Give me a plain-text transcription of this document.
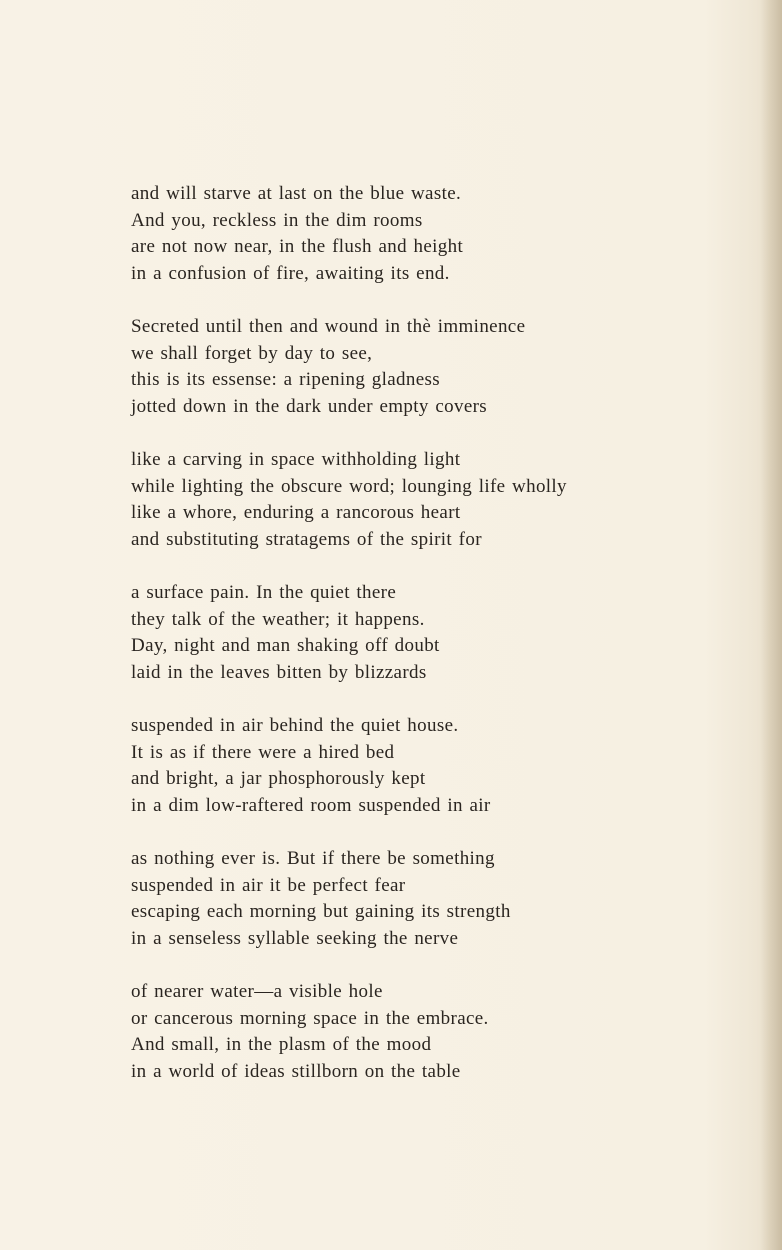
and will starve at last on the blue waste.
And you, reckless in the dim rooms
are not now near, in the flush and height
in a confusion of fire, awaiting its end.
Secreted until then and wound in thè imminence
we shall forget by day to see,
this is its essense: a ripening gladness
jotted down in the dark under empty covers
like a carving in space withholding light
while lighting the obscure word; lounging life wholly
like a whore, enduring a rancorous heart
and substituting stratagems of the spirit for
a surface pain. In the quiet there
they talk of the weather; it happens.
Day, night and man shaking off doubt
laid in the leaves bitten by blizzards
suspended in air behind the quiet house.
It is as if there were a hired bed
and bright, a jar phosphorously kept
in a dim low-raftered room suspended in air
as nothing ever is. But if there be something
suspended in air it be perfect fear
escaping each morning but gaining its strength
in a senseless syllable seeking the nerve
of nearer water—a visible hole
or cancerous morning space in the embrace.
And small, in the plasm of the mood
in a world of ideas stillborn on the table
